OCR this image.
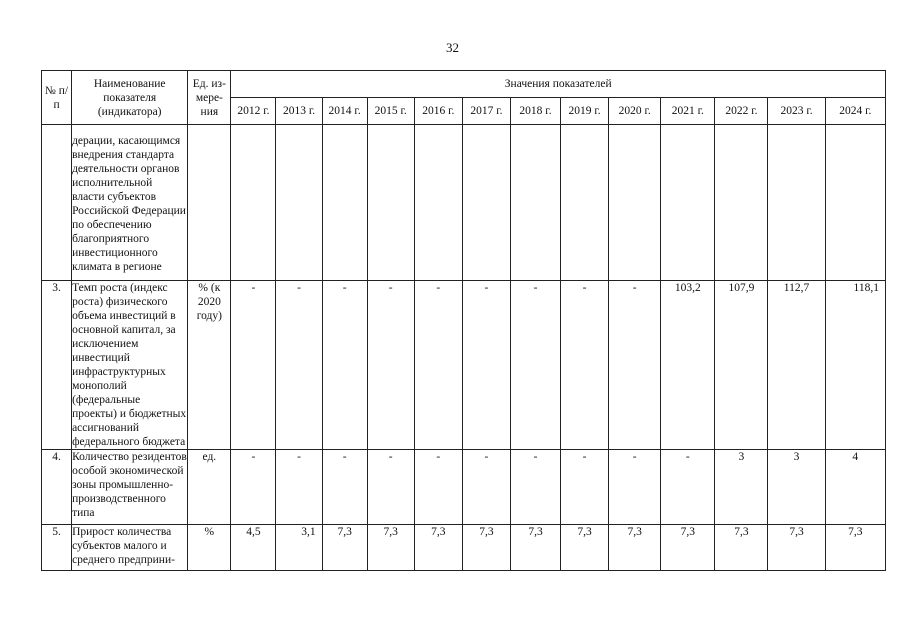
32
№ п/п	Наименование показателя (индикатора)	Ед. из-мере-ния	Значения показателей												
			2012 г.	2013 г.	2014 г.	2015 г.	2016 г.	2017 г.	2018 г.	2019 г.	2020 г.	2021 г.	2022 г.	2023 г.	2024 г.
	дерации, касающимся внедрения стандарта деятельности органов исполнительной власти субъектов Российской Федерации по обеспечению благоприятного инвестиционного климата в регионе														
3.	Темп роста (индекс роста) физического объема инвестиций в основной капитал, за исключением инвестиций инфраструктурных монополий (федеральные проекты) и бюджетных ассигнований федерального бюджета	% (к 2020 году)	-	-	-	-	-	-	-	-	-	103,2	107,9	112,7	118,1
4.	Количество резидентов особой экономической зоны промышленно-производственного типа	ед.	-	-	-	-	-	-	-	-	-	-	3	3	4
5.	Прирост количества субъектов малого и среднего предприни-	%	4,5	3,1	7,3	7,3	7,3	7,3	7,3	7,3	7,3	7,3	7,3	7,3	7,3
